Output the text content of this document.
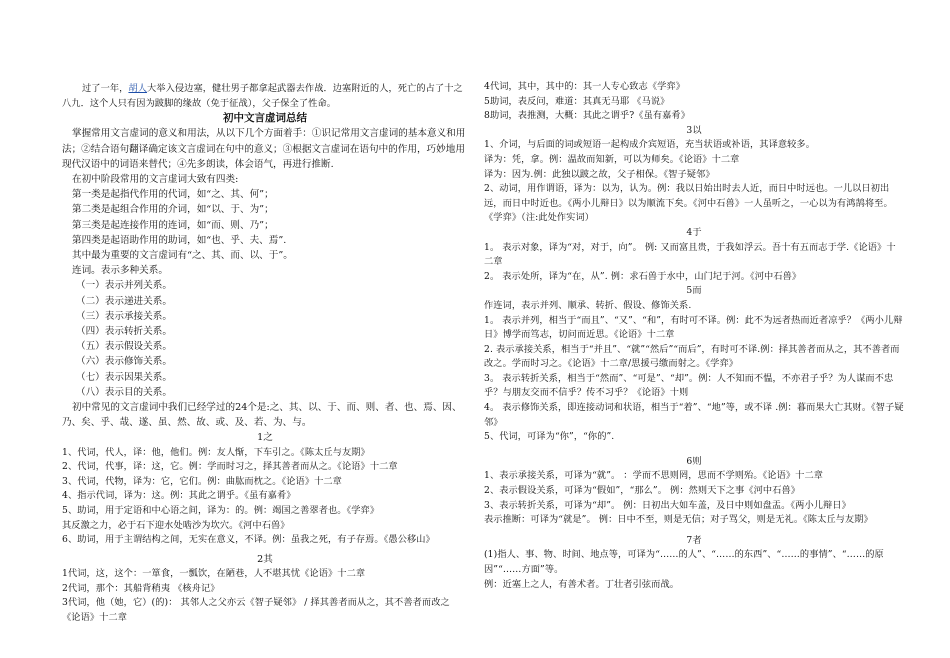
过了一年，胡人大举入侵边塞，健壮男子都拿起武器去作战．边塞附近的人，死亡的占了十之八九．这个人只有因为跛脚的缘故（免于征战），父子保全了性命。

初中文言虚词总结

掌握常用文言虚词的意义和用法，从以下几个方面着手：①识记常用文言虚词的基本意义和用法；②结合语句翻译确定该文言虚词在句中的意义；③根据文言虚词在语句中的作用，巧妙地用现代汉语中的词语来替代；④先多朗读，体会语气，再进行推断.

在初中阶段常用的文言虚词大致有四类:

第一类是起指代作用的代词，如“之、其、何”；

第二类是起组合作用的介词，如“以、于、为”；

第三类是起连接作用的连词，如“而、则、乃”；

第四类是起语助作用的助词，如“也、乎、夫、焉”.

其中最为重要的文言虚词有“之、其、而、以、于”。

连词。表示多种关系。

（一）表示并列关系。

（二）表示递进关系。

（三）表示承接关系。

（四）表示转折关系。

（五）表示假设关系。

（六）表示修饰关系。

（七）表示因果关系。

（八）表示目的关系。

初中常见的文言虚词中我们已经学过的24个是:之、其、以、于、而、则、者、也、焉、因、乃、矣、乎、哉、遂、虽、然、故、或、及、若、为、与。

1之

1、代词，代人，译：他，他们。例：友人惭，下车引之。《陈太丘与友期》

2、代词，代事，译：这，它。例：学而时习之，择其善者而从之。《论语》十二章

3、代词，代物，译为：它，它们。例：曲肱而枕之。《论语》十二章

4、指示代词，译为：这。例：其此之谓乎。《虽有嘉肴》

5、助词，用于定语和中心语之间，译为：的。例：竭国之善翠者也。《学弈》

其反激之力，必于石下迎水处啮沙为坎穴。《河中石兽》

6、助词，用于主谓结构之间，无实在意义，不译。例：虽我之死，有子存焉。《愚公移山》

2其

1代词，这，这个：一箪食，一瓢饮，在陋巷，人不堪其忧《论语》十二章

2代词，那个：其船背稍夷 《核舟记》

3代词，他（她，它）(的)： 其邻人之父亦云《智子疑邻》 / 择其善者而从之，其不善者而改之《论语》十二章

4代词，其中，其中的：其一人专心致志《学弈》

5助词，表反问，难道：其真无马耶 《马说》

8助词，表推测，大概：其此之谓乎?《虽有嘉肴》

3以

1、介词，与后面的词或短语一起构成介宾短语，充当状语或补语，其译意较多。

译为：凭，拿。例：温故而知新，可以为师矣。《论语》十二章

译为：因为.例：此独以跛之故，父子相保。《智子疑邻》

2、动词，用作谓语，译为：以为，认为。例：我以日始出时去人近，而日中时远也。一儿以日初出远，而日中时近也。《两小儿辩日》以为顺流下矣。《河中石兽》一人虽听之，一心以为有鸿鹄将至。《学弈》（注:此处作实词）

4于

1。 表示对象，译为“对，对于，向”。 例: 又而富且贵，于我如浮云。吾十有五而志于学.《论语》十二章

2。 表示处所，译为“在，从”. 例：求石兽于水中，山门圮于河。《河中石兽》

5而

作连词，表示并列、顺承、转折、假设、修饰关系.

1。 表示并列，相当于“而且”、“又”、“和”，有时可不译。例：此不为远者热而近者凉乎？《两小儿辩日》博学而笃志，切问而近思。《论语》十二章

2. 表示承接关系，相当于“并且”、“就”“然后”“而后”，有时可不译.例：择其善者而从之，其不善者而改之。学而时习之。《论语》十二章/思援弓缴而射之。《学弈》

3。 表示转折关系，相当于“然而”、“可是”、“却”。例：人不知而不愠，不亦君子乎？为人谋而不忠乎？与朋友交而不信乎？传不习乎？《论语》十则

4。 表示修饰关系，即连接动词和状语，相当于“着”、“地”等，或不译 .例：暮而果大亡其财。《智子疑邻》

5、代词，可译为“你”，“你的”.

6则

1、表示承接关系，可译为“就”。 ：学而不思则罔，思而不学则殆。《论语》十二章

2、表示假设关系，可译为“假如”，“那么”。 例：然则天下之事《河中石兽》

3、表示转折关系，可译为“却”。 例：日初出大如车盖，及日中则如盘盂。《两小儿辩日》

表示推断：可译为“就是”。 例：日中不至，则是无信；对子骂父，则是无礼。《陈太丘与友期》

7者

(1)指人、事、物、时间、地点等，可译为“……的人”、“……的东西”、“……的事情”、“……的原因”“……方面”等。

例：近塞上之人，有善术者。丁壮者引弦而战。
